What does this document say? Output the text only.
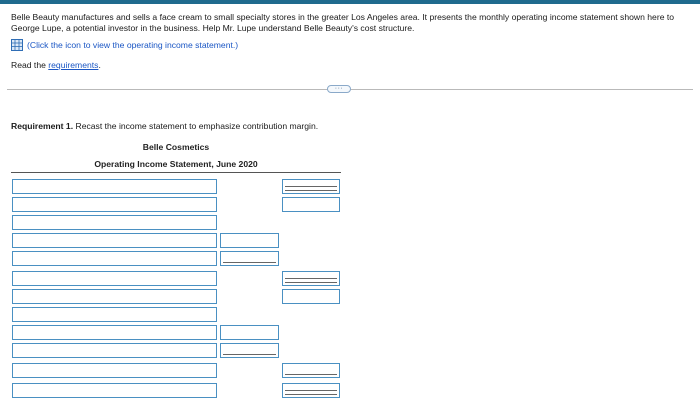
Belle Beauty manufactures and sells a face cream to small specialty stores in the greater Los Angeles area. It presents the monthly operating income statement shown here to George Lupe, a potential investor in the business. Help Mr. Lupe understand Belle Beauty's cost structure.
(Click the icon to view the operating income statement.)
Read the requirements.
···
Requirement 1. Recast the income statement to emphasize contribution margin.
Belle Cosmetics
Operating Income Statement, June 2020
